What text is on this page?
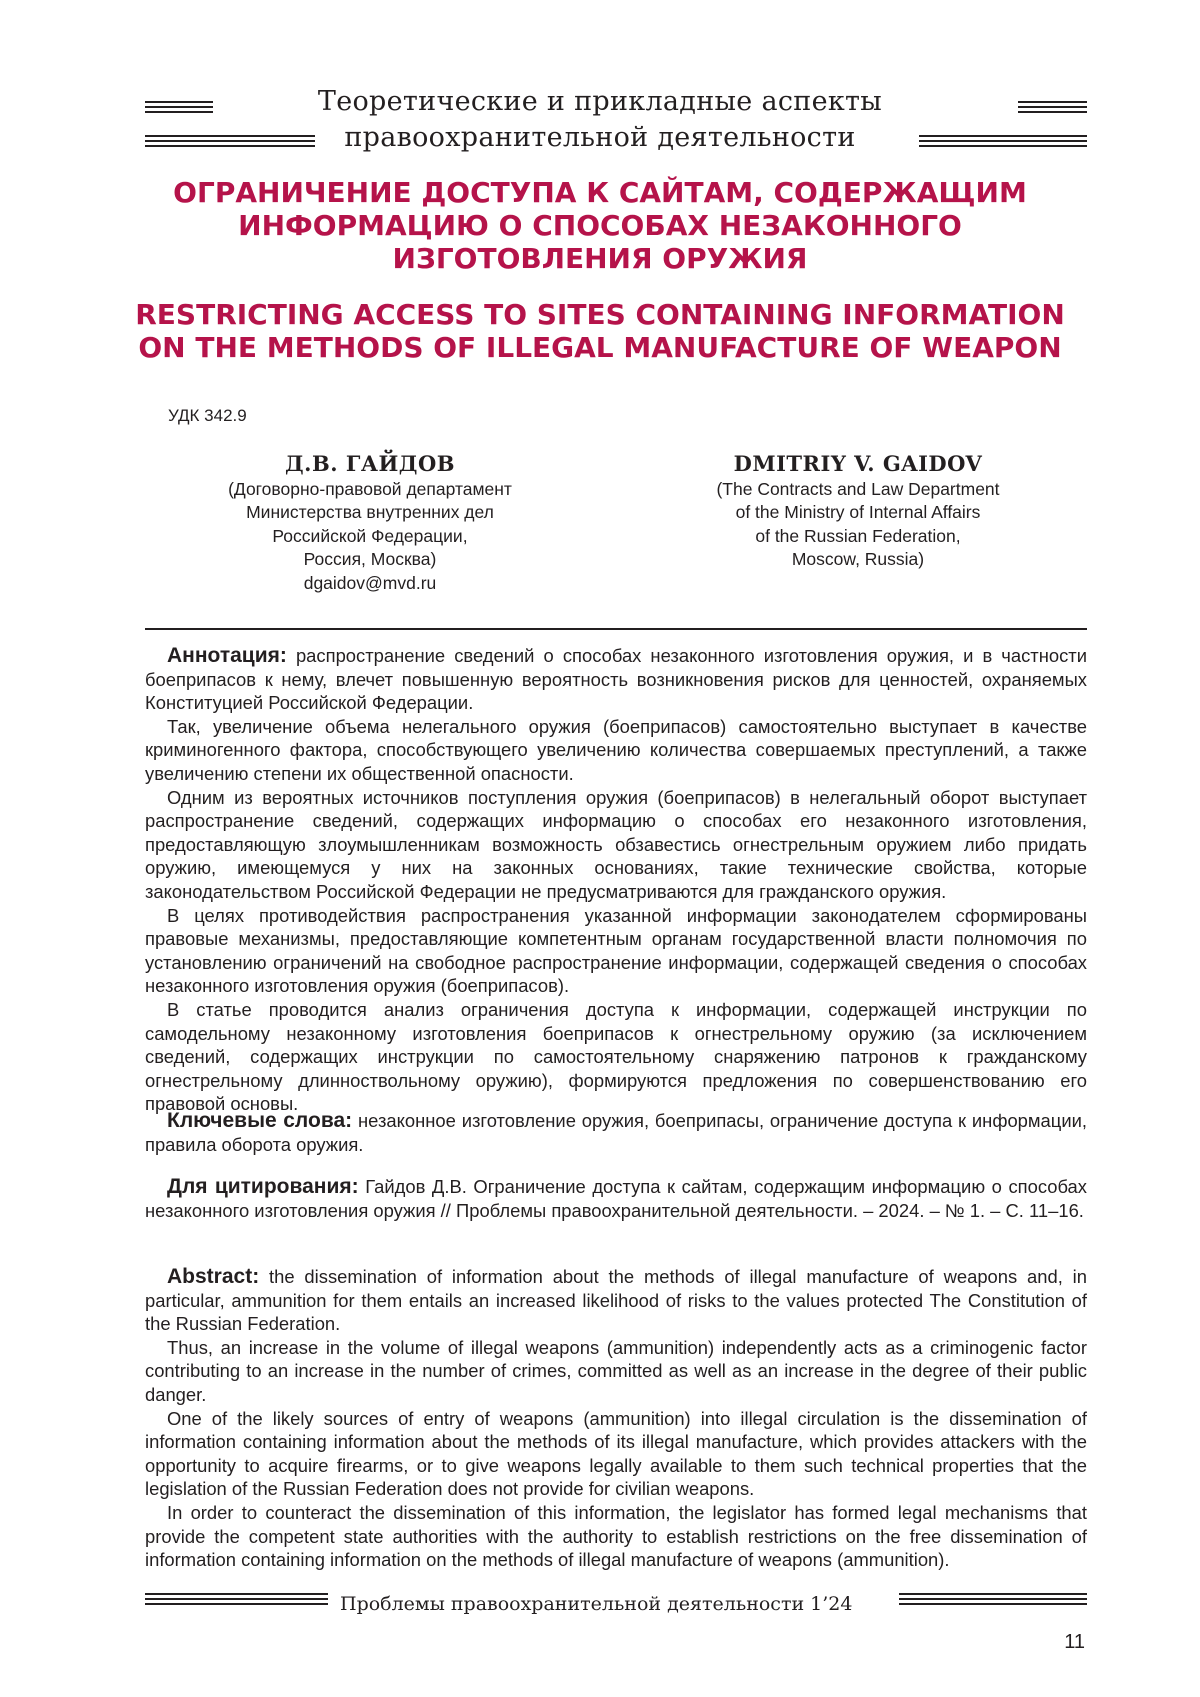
Теоретические и прикладные аспекты
правоохранительной деятельности
ОГРАНИЧЕНИЕ ДОСТУПА К САЙТАМ, СОДЕРЖАЩИМ
ИНФОРМАЦИЮ О СПОСОБАХ НЕЗАКОННОГО
ИЗГОТОВЛЕНИЯ ОРУЖИЯ
RESTRICTING ACCESS TO SITES CONTAINING INFORMATION
ON THE METHODS OF ILLEGAL MANUFACTURE OF WEAPON
УДК 342.9
Д.В. ГАЙДОВ
(Договорно-правовой департамент
Министерства внутренних дел
Российской Федерации,
Россия, Москва)
dgaidov@mvd.ru
DMITRIY V. GAIDOV
(The Contracts and Law Department
of the Ministry of Internal Affairs
of the Russian Federation,
Moscow, Russia)

Аннотация: распространение сведений о способах незаконного изготовления оружия, и в частности боеприпасов к нему, влечет повышенную вероятность возникновения рисков для ценностей, охраняемых Конституцией Российской Федерации.

Так, увеличение объема нелегального оружия (боеприпасов) самостоятельно выступает в качестве криминогенного фактора, способствующего увеличению количества совершаемых преступлений, а также увеличению степени их общественной опасности.

Одним из вероятных источников поступления оружия (боеприпасов) в нелегальный оборот выступает распространение сведений, содержащих информацию о способах его незаконного изготовления, предоставляющую злоумышленникам возможность обзавестись огнестрельным оружием либо придать оружию, имеющемуся у них на законных основаниях, такие технические свойства, которые законодательством Российской Федерации не предусматриваются для гражданского оружия.

В целях противодействия распространения указанной информации законодателем сформированы правовые механизмы, предоставляющие компетентным органам государственной власти полномочия по установлению ограничений на свободное распространение информации, содержащей сведения о способах незаконного изготовления оружия (боеприпасов).

В статье проводится анализ ограничения доступа к информации, содержащей инструкции по самодельному незаконному изготовления боеприпасов к огнестрельному оружию (за исключением сведений, содержащих инструкции по самостоятельному снаряжению патронов к гражданскому огнестрельному длинноствольному оружию), формируются предложения по совершенствованию его правовой основы.

Ключевые слова: незаконное изготовление оружия, боеприпасы, ограничение доступа к информации, правила оборота оружия.

Для цитирования: Гайдов Д.В. Ограничение доступа к сайтам, содержащим информацию о способах незаконного изготовления оружия // Проблемы правоохранительной деятельности. – 2024. – № 1. – С. 11–16.

Abstract: the dissemination of information about the methods of illegal manufacture of weapons and, in particular, ammunition for them entails an increased likelihood of risks to the values protected The Constitution of the Russian Federation.

Thus, an increase in the volume of illegal weapons (ammunition) independently acts as a criminogenic factor contributing to an increase in the number of crimes, committed as well as an increase in the degree of their public danger.

One of the likely sources of entry of weapons (ammunition) into illegal circulation is the dissemination of information containing information about the methods of its illegal manufacture, which provides attackers with the opportunity to acquire firearms, or to give weapons legally available to them such technical properties that the legislation of the Russian Federation does not provide for civilian weapons.

In order to counteract the dissemination of this information, the legislator has formed legal mechanisms that provide the competent state authorities with the authority to establish restrictions on the free dissemination of information containing information on the methods of illegal manufacture of weapons (ammunition).

Проблемы правоохранительной деятельности 1’24
11
